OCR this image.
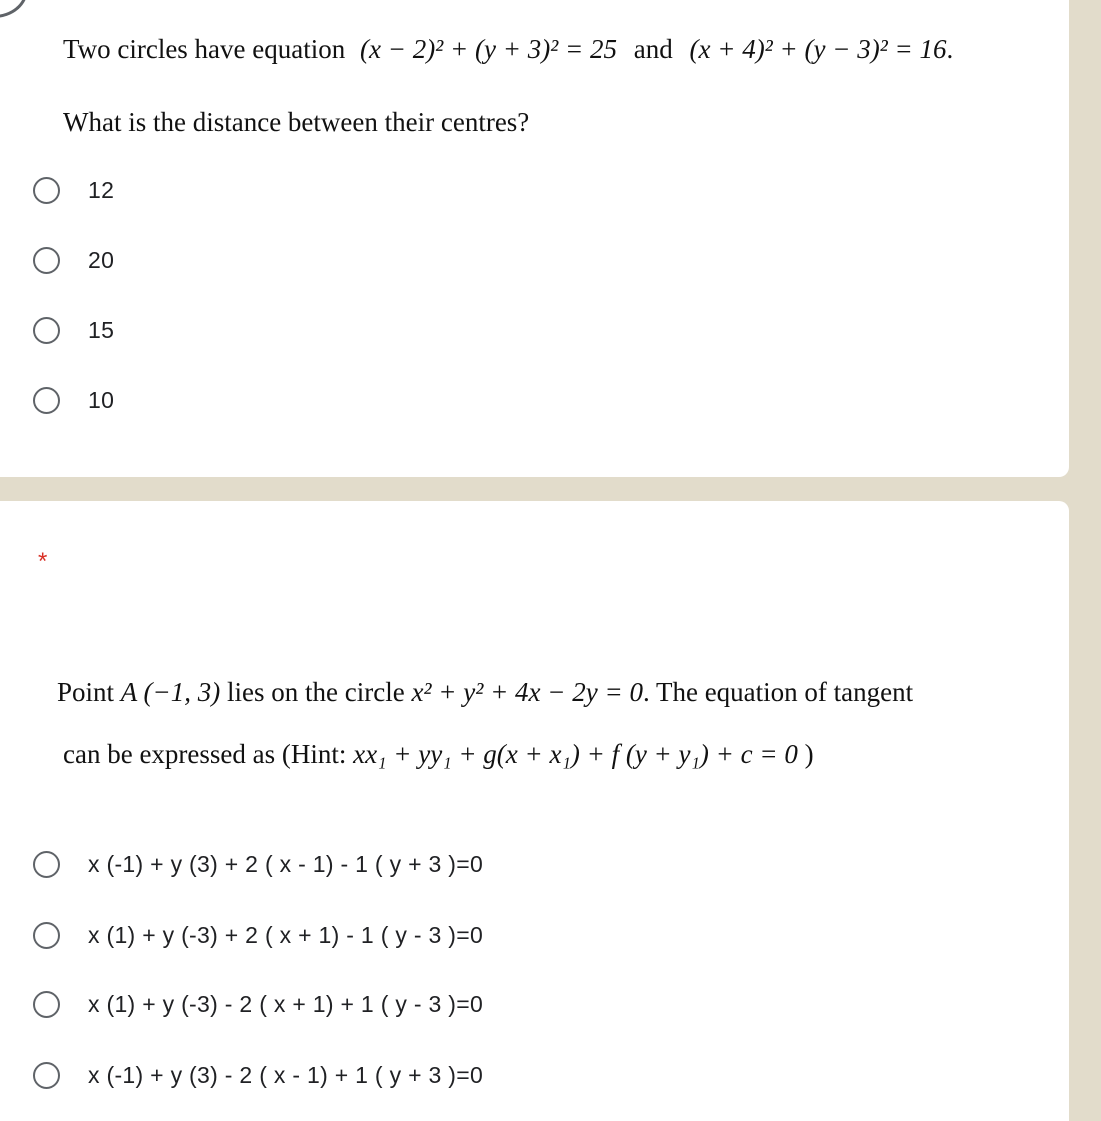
Two circles have equation (x − 2)² + (y + 3)² = 25 and (x + 4)² + (y − 3)² = 16.
What is the distance between their centres?
12
20
15
10
*
Point A (−1, 3) lies on the circle x² + y² + 4x − 2y = 0. The equation of tangent
can be expressed as (Hint: xx₁ + yy₁ + g(x + x₁) + f (y + y₁) + c = 0 )
x (-1) + y (3) + 2 ( x - 1) - 1 ( y + 3 )=0
x (1) + y (-3) + 2 ( x + 1) - 1 ( y - 3 )=0
x (1) + y (-3) - 2 ( x + 1) + 1 ( y - 3 )=0
x (-1) + y (3) - 2 ( x - 1) + 1 ( y + 3 )=0
